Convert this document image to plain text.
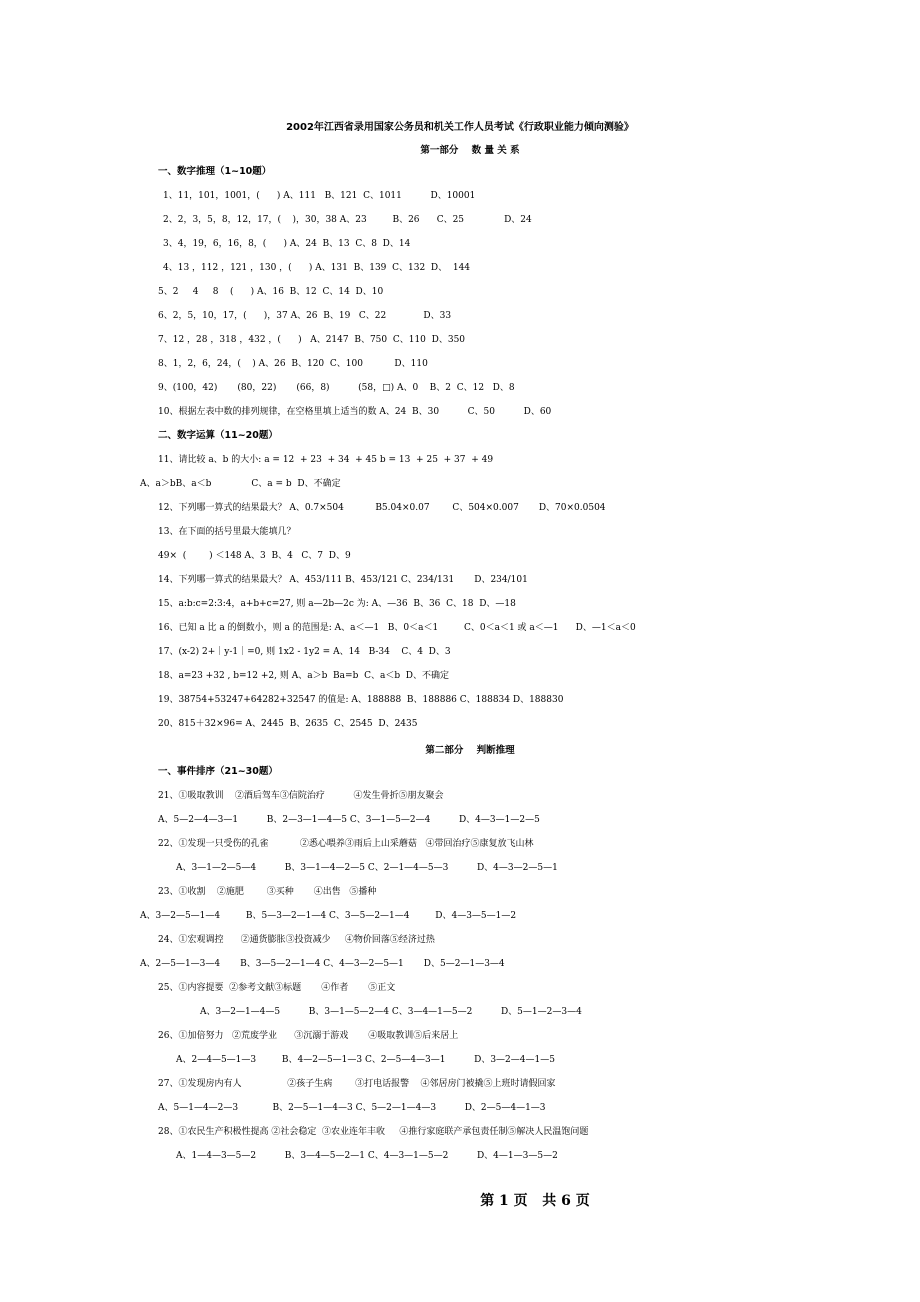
2002年江西省录用国家公务员和机关工作人员考试《行政职业能力倾向测验》
第一部分    数 量 关 系
一、数字推理（1~10题）
1、11，101，1001，(      ) A、111   B、121  C、1011          D、10001
2、2，3，5，8，12，17，(    )，30，38 A、23         B、26      C、25              D、24
3、4，19，6，16，8，(      ) A、24  B、13  C、8  D、14
4、13 ，112 ，121 ，130 ，(      ) A、131  B、139  C、132  D、  144
5、2     4     8    (      ) A、16  B、12  C、14  D、10
6、2，5，10，17，(      )，37 A、26  B、19   C、22             D、33
7、12 ，28 ，318 ，432 ，(      )   A、2147  B、750  C、110  D、350
8、1，2，6，24，(    ) A、26  B、120  C、100           D、110
9、(100，42)       (80，22)       (66，8)          (58，□) A、0    B、2  C、12   D、8
10、根据左表中数的排列规律，在空格里填上适当的数 A、24  B、30          C、50          D、60
二、数字运算（11~20题）
11、请比较 a、b 的大小: a = 12  + 23  + 34  + 45 b = 13  + 25  + 37  + 49
A、a＞bB、a＜b              C、a = b  D、不确定
12、下列哪一算式的结果最大？ A、0.7×504           B5.04×0.07        C、504×0.007       D、70×0.0504
13、在下面的括号里最大能填几？
49×  (        ) ＜148 A、3  B、4   C、7  D、9
14、下列哪一算式的结果最大？ A、453/111 B、453/121 C、234/131       D、234/101
15、a:b:c=2:3:4，a+b+c=27, 则 a—2b—2c 为: A、—36  B、36  C、18  D、—18
16、已知 a 比 a 的倒数小，则 a 的范围是: A、a＜—1   B、0＜a＜1         C、0＜a＜1 或 a＜—1      D、—1＜a＜0
17、(x-2) 2+｜y-1｜=0, 则 1x2 - 1y2 = A、14   B-34    C、4  D、3
18、a=23 +32 , b=12 +2, 则 A、a＞b  Ba=b  C、a＜b  D、不确定
19、38754+53247+64282+32547 的值是: A、188888  B、188886 C、188834 D、188830
20、815＋32×96= A、2445  B、2635  C、2545  D、2435
第二部分    判断推理
一、事件排序（21~30题）
21、①吸取教训    ②酒后驾车③信院治疗          ④发生骨折⑤朋友聚会
A、5—2—4—3—1          B、2—3—1—4—5 C、3—1—5—2—4          D、4—3—1—2—5
22、①发现一只受伤的孔雀           ②悉心喂养③雨后上山采蘑菇   ④带回治疗⑤康复放飞山林
A、3—1—2—5—4          B、3—1—4—2—5 C、2—1—4—5—3          D、4—3—2—5—1
23、①收割    ②施肥        ③买种       ④出售   ⑤播种
A、3—2—5—1—4         B、5—3—2—1—4 C、3—5—2—1—4         D、4—3—5—1—2
24、①宏观调控      ②通货膨胀③投资减少     ④物价回落⑤经济过热
A、2—5—1—3—4       B、3—5—2—1—4 C、4—3—2—5—1       D、5—2—1—3—4
25、①内容提要  ②参考文献③标题       ④作者       ⑤正文
A、3—2—1—4—5          B、3—1—5—2—4 C、3—4—1—5—2          D、5—1—2—3—4
26、①加倍努力   ②荒废学业      ③沉溺于游戏       ④吸取教训⑤后来居上
A、2—4—5—1—3         B、4—2—5—1—3 C、2—5—4—3—1          D、3—2—4—1—5
27、①发现房内有人                ②孩子生病        ③打电话报警    ④邻居房门被撬⑤上班时请假回家
A、5—1—4—2—3            B、2—5—1—4—3 C、5—2—1—4—3          D、2—5—4—1—3
28、①农民生产积极性提高 ②社会稳定  ③农业连年丰收     ④推行家庭联产承包责任制⑤解决人民温饱问题
A、1—4—3—5—2          B、3—4—5—2—1 C、4—3—1—5—2          D、4—1—3—5—2
第 1 页   共 6 页
